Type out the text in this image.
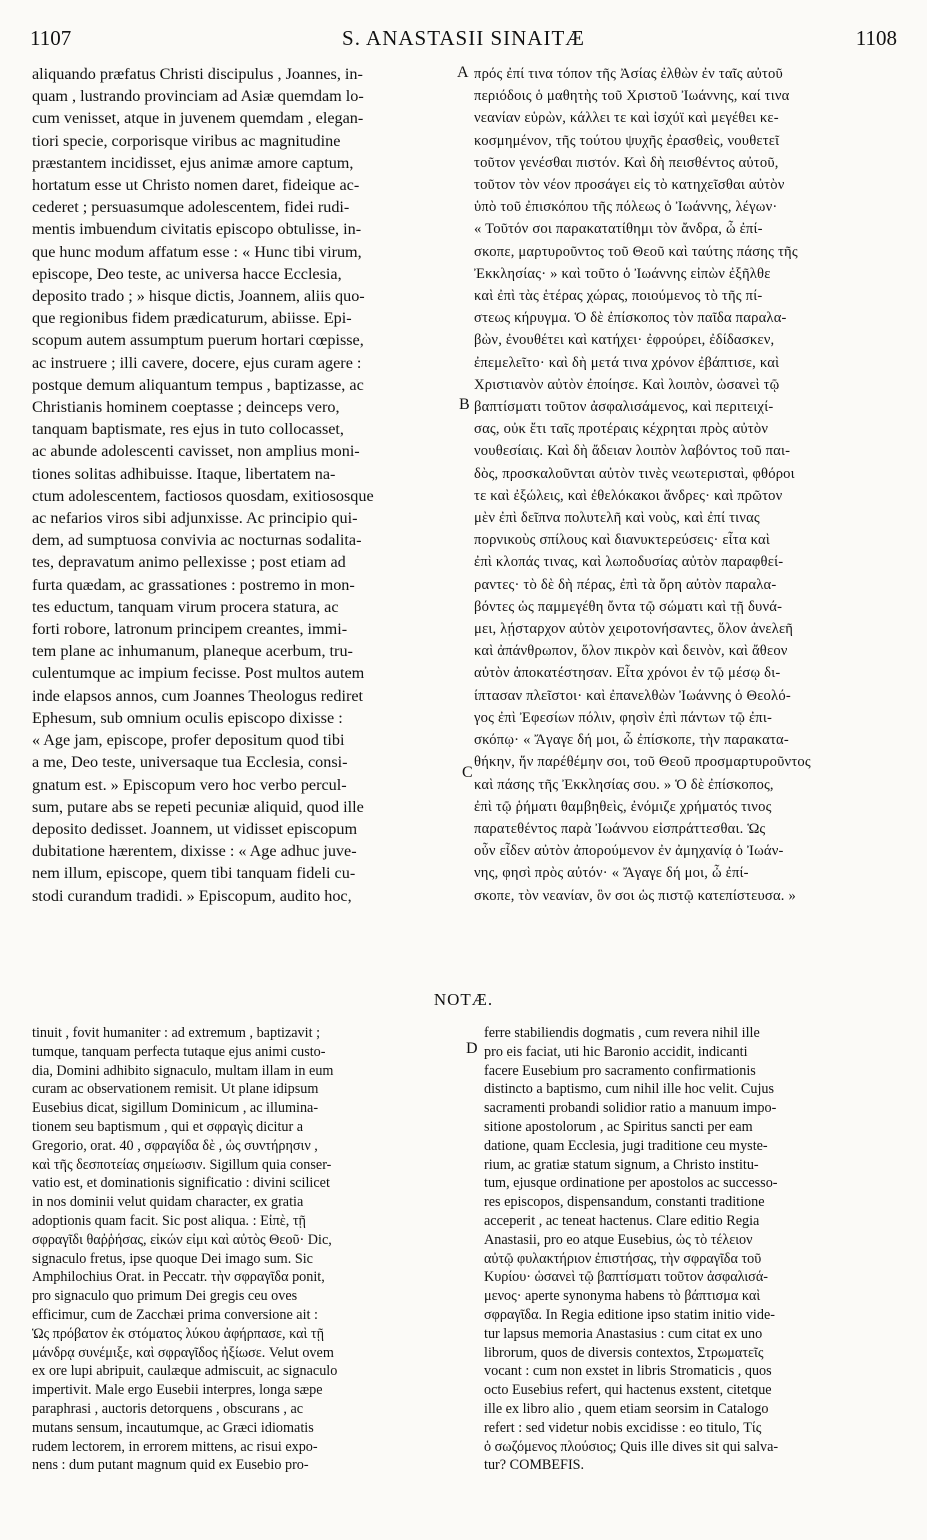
1107	S. ANASTASII SINAITÆ	1108
aliquando præfatus Christi discipulus , Joannes, in-
quam , lustrando provinciam ad Asiæ quemdam lo-
cum venisset, atque in juvenem quemdam , elegan-
tiori specie, corporisque viribus ac magnitudine
præstantem incidisset, ejus animæ amore captum,
hortatum esse ut Christo nomen daret, fideique ac-
cederet ; persuasumque adolescentem, fidei rudi-
mentis imbuendum civitatis episcopo obtulisse, in-
que hunc modum affatum esse : « Hunc tibi virum,
episcope, Deo teste, ac universa hacce Ecclesia,
deposito trado ; » hisque dictis, Joannem, aliis quo-
que regionibus fidem prædicaturum, abiisse. Epi-
scopum autem assumptum puerum hortari cœpisse,
ac instruere ; illi cavere, docere, ejus curam agere :
postque demum aliquantum tempus , baptizasse, ac
Christianis hominem coeptasse ; deinceps vero,
tanquam baptismate, res ejus in tuto collocasset,
ac abunde adolescenti cavisset, non amplius moni-
tiones solitas adhibuisse. Itaque, libertatem na-
ctum adolescentem, factiosos quosdam, exitiososque
ac nefarios viros sibi adjunxisse. Ac principio qui-
dem, ad sumptuosa convivia ac nocturnas sodalita-
tes, depravatum animo pellexisse ; post etiam ad
furta quædam, ac grassationes : postremo in mon-
tes eductum, tanquam virum procera statura, ac
forti robore, latronum principem creantes, immi-
tem plane ac inhumanum, planeque acerbum, tru-
culentumque ac impium fecisse. Post multos autem
inde elapsos annos, cum Joannes Theologus rediret
Ephesum, sub omnium oculis episcopo dixisse :
« Age jam, episcope, profer depositum quod tibi
a me, Deo teste, universaque tua Ecclesia, consi-
gnatum est. » Episcopum vero hoc verbo percul-
sum, putare abs se repeti pecuniæ aliquid, quod ille
deposito dedisset. Joannem, ut vidisset episcopum
dubitatione hærentem, dixisse : « Age adhuc juve-
nem illum, episcope, quem tibi tanquam fideli cu-
stodi curandum tradidi. » Episcopum, audito hoc,
πρός ἐπί τινα τόπον τῆς Ἀσίας ἐλθὼν ἐν ταῖς αὐτοῦ
περιόδοις ὁ μαθητὴς τοῦ Χριστοῦ Ἰωάννης, καί τινα
νεανίαν εὑρὼν, κάλλει τε καὶ ἰσχύϊ καὶ μεγέθει κε-
κοσμημένον, τῆς τούτου ψυχῆς ἐρασθεὶς, νουθετεῖ
τοῦτον γενέσθαι πιστόν. Καὶ δὴ πεισθέντος αὐτοῦ,
τοῦτον τὸν νέον προσάγει εἰς τὸ κατηχεῖσθαι αὐτὸν
ὑπὸ τοῦ ἐπισκόπου τῆς πόλεως ὁ Ἰωάννης, λέγων·
« Τοῦτόν σοι παρακατατίθημι τὸν ἄνδρα, ὦ ἐπί-
σκοπε, μαρτυροῦντος τοῦ Θεοῦ καὶ ταύτης πάσης τῆς
Ἐκκλησίας· » καὶ τοῦτο ὁ Ἰωάννης εἰπὼν ἐξῆλθε
καὶ ἐπὶ τὰς ἑτέρας χώρας, ποιούμενος τὸ τῆς πί-
στεως κήρυγμα. Ὁ δὲ ἐπίσκοπος τὸν παῖδα παραλα-
βὼν, ἐνουθέτει καὶ κατήχει· ἐφρούρει, ἐδίδασκεν,
ἐπεμελεῖτο· καὶ δὴ μετά τινα χρόνον ἐβάπτισε, καὶ
Χριστιανὸν αὐτὸν ἐποίησε. Καὶ λοιπὸν, ὡσανεὶ τῷ
βαπτίσματι τοῦτον ἀσφαλισάμενος, καὶ περιτειχί-
σας, οὐκ ἔτι ταῖς προτέραις κέχρηται πρὸς αὐτὸν
νουθεσίαις. Καὶ δὴ ἄδειαν λοιπὸν λαβόντος τοῦ παι-
δὸς, προσκαλοῦνται αὐτὸν τινὲς νεωτερισταὶ, φθόροι
τε καὶ ἐξώλεις, καὶ ἐθελόκακοι ἄνδρες· καὶ πρῶτον
μὲν ἐπὶ δεῖπνα πολυτελῆ καὶ νοὺς, καὶ ἐπί τινας
πορνικοὺς σπίλους καὶ διανυκτερεύσεις· εἶτα καὶ
ἐπὶ κλοπάς τινας, καὶ λωποδυσίας αὐτὸν παραφθεί-
ραντες· τὸ δὲ δὴ πέρας, ἐπὶ τὰ ὄρη αὐτὸν παραλα-
βόντες ὡς παμμεγέθη ὄντα τῷ σώματι καὶ τῇ δυνά-
μει, λῄσταρχον αὐτὸν χειροτονήσαντες, ὅλον ἀνελεῆ
καὶ ἀπάνθρωπον, ὅλον πικρὸν καὶ δεινὸν, καὶ ἄθεον
αὐτὸν ἀποκατέστησαν. Εἶτα χρόνοι ἐν τῷ μέσῳ δι-
ίπτασαν πλεῖστοι· καὶ ἐπανελθὼν Ἰωάννης ὁ Θεολό-
γος ἐπὶ Ἐφεσίων πόλιν, φησὶν ἐπὶ πάντων τῷ ἐπι-
σκόπῳ· « Ἄγαγε δή μοι, ὦ ἐπίσκοπε, τὴν παρακατα-
θήκην, ἥν παρέθέμην σοι, τοῦ Θεοῦ προσμαρτυροῦντος
καὶ πάσης τῆς Ἐκκλησίας σου. » Ὁ δὲ ἐπίσκοπος,
ἐπὶ τῷ ῥήματι θαμβηθεὶς, ἐνόμιζε χρήματός τινος
παρατεθέντος παρὰ Ἰωάννου εἰσπράττεσθαι. Ὡς
οὖν εἶδεν αὐτὸν ἀπορούμενον ἐν ἀμηχανίᾳ ὁ Ἰωάν-
νης, φησὶ πρὸς αὐτόν· « Ἄγαγε δή μοι, ὦ ἐπί-
σκοπε, τὸν νεανίαν, ὃν σοι ὡς πιστῷ κατεπίστευσα. »
A
B
C
D
NOTÆ.
tinuit , fovit humaniter : ad extremum , baptizavit ;
tumque, tanquam perfecta tutaque ejus animi custo-
dia, Domini adhibito signaculo, multam illam in eum
curam ac observationem remisit. Ut plane idipsum
Eusebius dicat, sigillum Dominicum , ac illumina-
tionem seu baptismum , qui et σφραγὶς dicitur a
Gregorio, orat. 40 , σφραγίδα δὲ , ὡς συντήρησιν ,
καὶ τῆς δεσποτείας σημείωσιν. Sigillum quia conser-
vatio est, et dominationis significatio : divini scilicet
in nos dominii velut quidam character, ex gratia
adoptionis quam facit. Sic post aliqua. : Εἰπὲ, τῇ
σφραγῖδι θαῤῥήσας, εἰκών εἰμι καὶ αὐτὸς Θεοῦ· Dic,
signaculo fretus, ipse quoque Dei imago sum. Sic
Amphilochius Orat. in Peccatr. τὴν σφραγῖδα ponit,
pro signaculo quo primum Dei gregis ceu oves
efficimur, cum de Zacchæi prima conversione ait :
Ὡς πρόβατον ἐκ στόματος λύκου ἀφήρπασε, καὶ τῇ
μάνδρᾳ συνέμιξε, καὶ σφραγῖδος ἠξίωσε. Velut ovem
ex ore lupi abripuit, caulæque admiscuit, ac signaculo
impertivit. Male ergo Eusebii interpres, longa sæpe
paraphrasi , auctoris detorquens , obscurans , ac
mutans sensum, incautumque, ac Græci idiomatis
rudem lectorem, in errorem mittens, ac risui expo-
nens : dum putant magnum quid ex Eusebio pro-
ferre stabiliendis dogmatis , cum revera nihil ille
pro eis faciat, uti hic Baronio accidit, indicanti
facere Eusebium pro sacramento confirmationis
distincto a baptismo, cum nihil ille hoc velit. Cujus
sacramenti probandi solidior ratio a manuum impo-
sitione apostolorum , ac Spiritus sancti per eam
datione, quam Ecclesia, jugi traditione ceu myste-
rium, ac gratiæ statum signum, a Christo institu-
tum, ejusque ordinatione per apostolos ac successo-
res episcopos, dispensandum, constanti traditione
acceperit , ac teneat hactenus. Clare editio Regia
Anastasii, pro eo atque Eusebius, ὡς τὸ τέλειον
αὐτῷ φυλακτήριον ἐπιστήσας, τὴν σφραγῖδα τοῦ
Κυρίου· ὡσανεὶ τῷ βαπτίσματι τοῦτον ἀσφαλισά-
μενος· aperte synonyma habens τὸ βάπτισμα καὶ
σφραγῖδα. In Regia editione ipso statim initio vide-
tur lapsus memoria Anastasius : cum citat ex uno
librorum, quos de diversis contextos, Στρωματεῖς
vocant : cum non exstet in libris Stromaticis , quos
octo Eusebius refert, qui hactenus exstent, citetque
ille ex libro alio , quem etiam seorsim in Catalogo
refert : sed videtur nobis excidisse : eo titulo, Τίς
ὁ σωζόμενος πλούσιος; Quis ille dives sit qui salva-
tur? COMBEFIS.
